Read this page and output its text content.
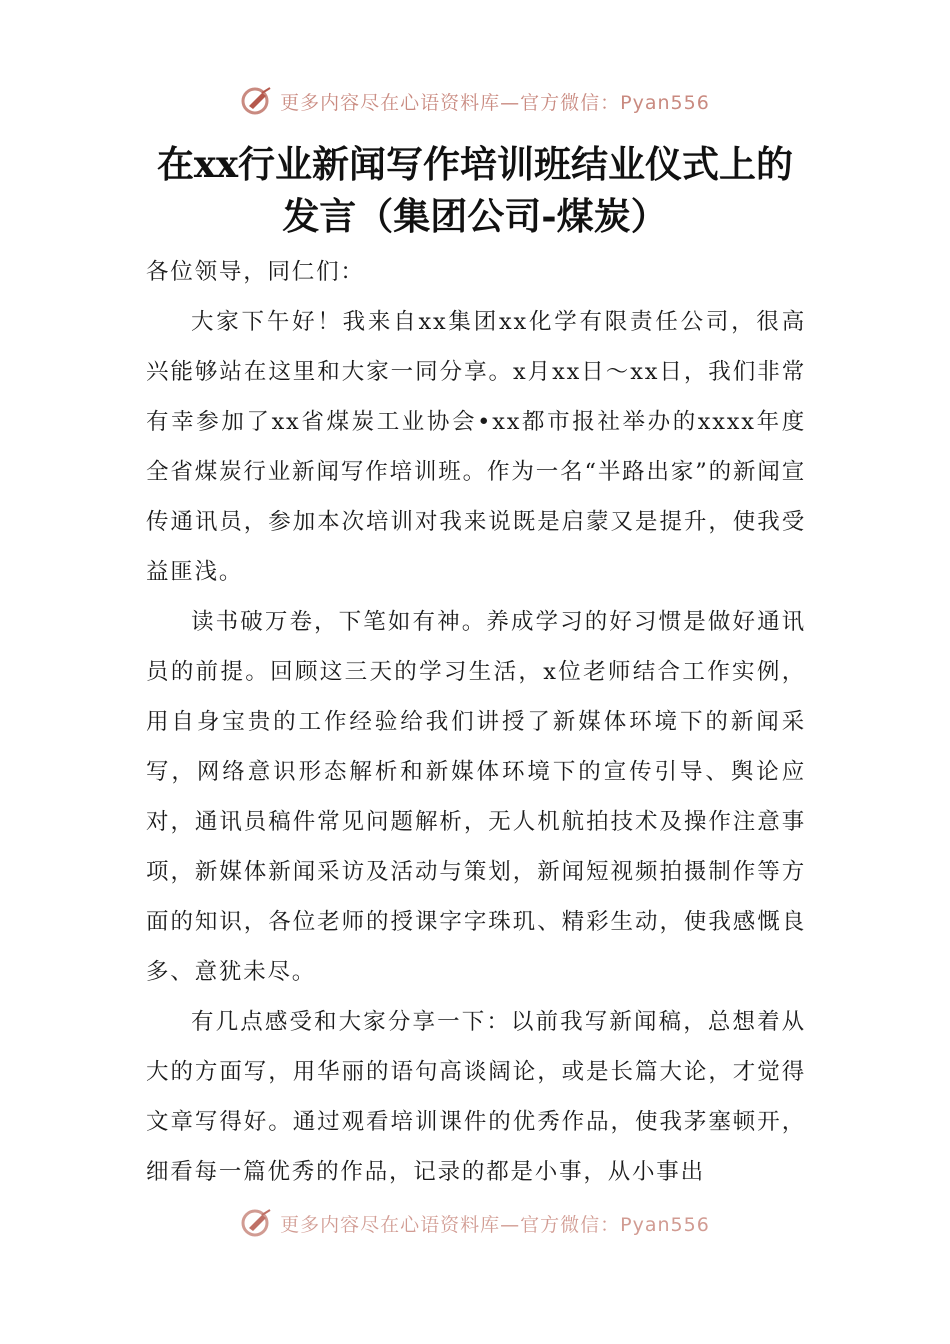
更多内容尽在心语资料库—官方微信：Pyan556
在xx行业新闻写作培训班结业仪式上的发言（集团公司-煤炭）

各位领导，同仁们：

大家下午好！我来自xx集团xx化学有限责任公司，很高兴能够站在这里和大家一同分享。x月xx日～xx日，我们非常有幸参加了xx省煤炭工业协会•xx都市报社举办的xxxx年度全省煤炭行业新闻写作培训班。作为一名“半路出家”的新闻宣传通讯员，参加本次培训对我来说既是启蒙又是提升，使我受益匪浅。

读书破万卷，下笔如有神。养成学习的好习惯是做好通讯员的前提。回顾这三天的学习生活，x位老师结合工作实例，用自身宝贵的工作经验给我们讲授了新媒体环境下的新闻采写，网络意识形态解析和新媒体环境下的宣传引导、舆论应对，通讯员稿件常见问题解析，无人机航拍技术及操作注意事项，新媒体新闻采访及活动与策划，新闻短视频拍摄制作等方面的知识，各位老师的授课字字珠玑、精彩生动，使我感慨良多、意犹未尽。

有几点感受和大家分享一下：以前我写新闻稿，总想着从大的方面写，用华丽的语句高谈阔论，或是长篇大论，才觉得文章写得好。通过观看培训课件的优秀作品，使我茅塞顿开，细看每一篇优秀的作品，记录的都是小事，从小事出

更多内容尽在心语资料库—官方微信：Pyan556
